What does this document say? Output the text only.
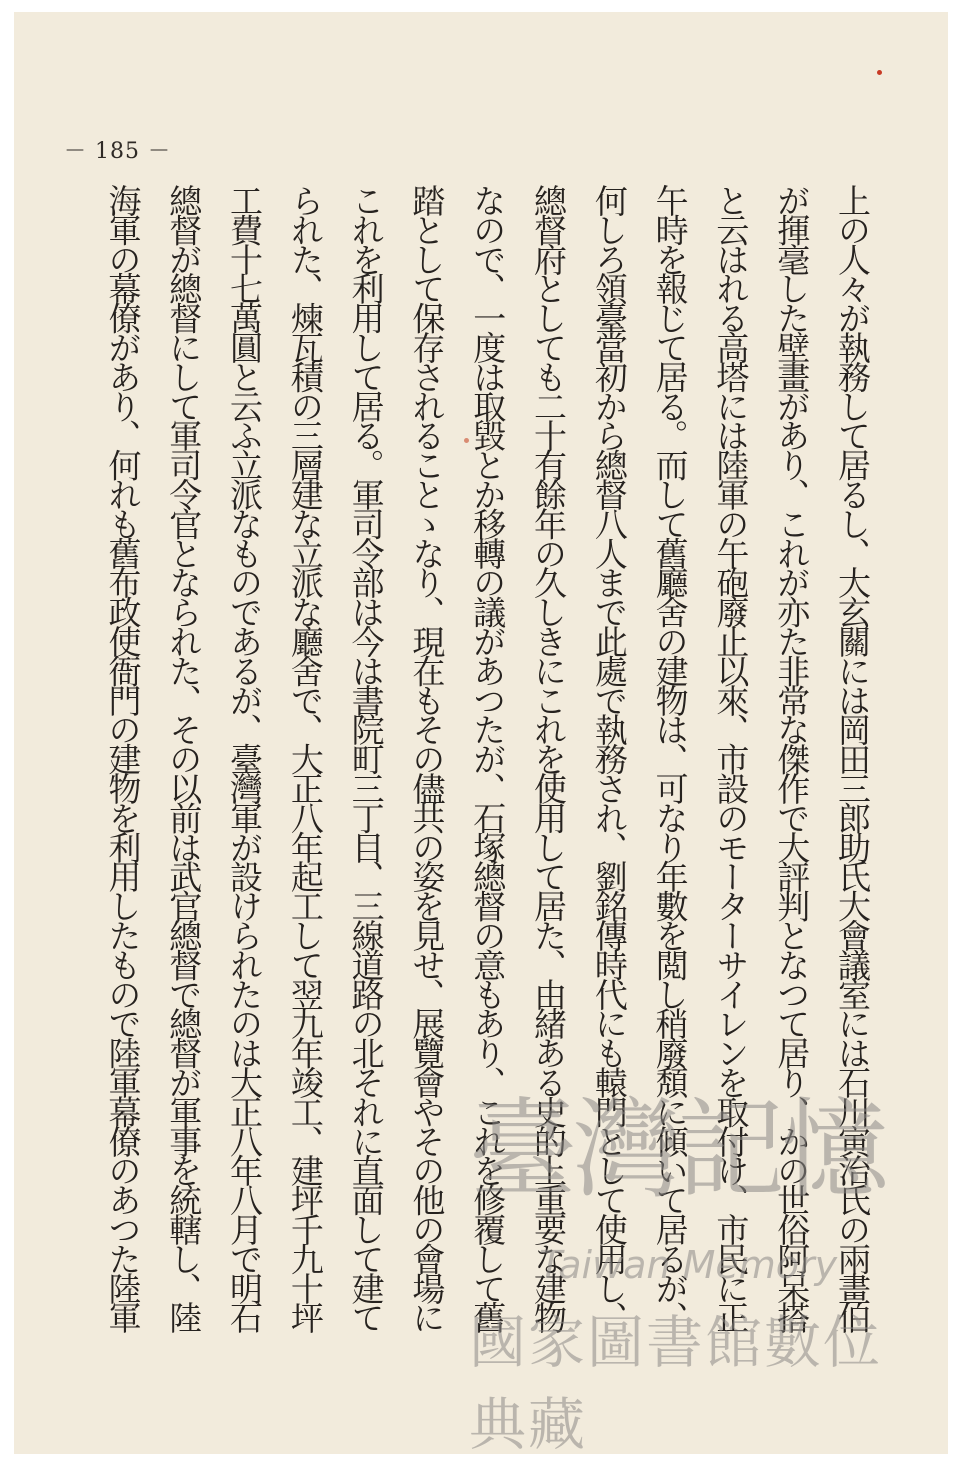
－ 185 －
上の人々が執務して居るし、大玄關には岡田三郎助氏大會議室には石川寅治氏の兩畫伯
が揮毫した壁畫があり、これが亦た非常な傑作で大評判となつて居り、かの世俗阿呆搭
と云はれる高塔には陸軍の午砲廢止以來、市設のモーターサイレンを取付け、市民に正
午時を報じて居る。而して舊廳舍の建物は、可なり年數を閲し稍廢頽に傾いて居るが、
何しろ領臺當初から總督八人まで此處で執務され、劉銘傳時代にも轅門として使用し、
總督府としても二十有餘年の久しきにこれを使用して居た、由緒ある史的上重要な建物
なので、一度は取毀とか移轉の議があつたが、石塚總督の意もあり、これを修覆して舊
踏として保存されることゝなり、現在もその儘共の姿を見せ、展覽會やその他の會場に
これを利用して居る。軍司令部は今は書院町三丁目、三線道路の北それに直面して建て
られた、煉瓦積の三層建な立派な廳舍で、大正八年起工して翌九年竣工、建坪千九十坪
工費十七萬圓と云ふ立派なものであるが、臺灣軍が設けられたのは大正八年八月で明石
總督が總督にして軍司令官となられた、その以前は武官總督で總督が軍事を統轄し、陸
海軍の幕僚があり、何れも舊布政使衙門の建物を利用したもので陸軍幕僚のあつた陸軍	臺灣記憶
Taiwan Memory
國家圖書館數位典藏
